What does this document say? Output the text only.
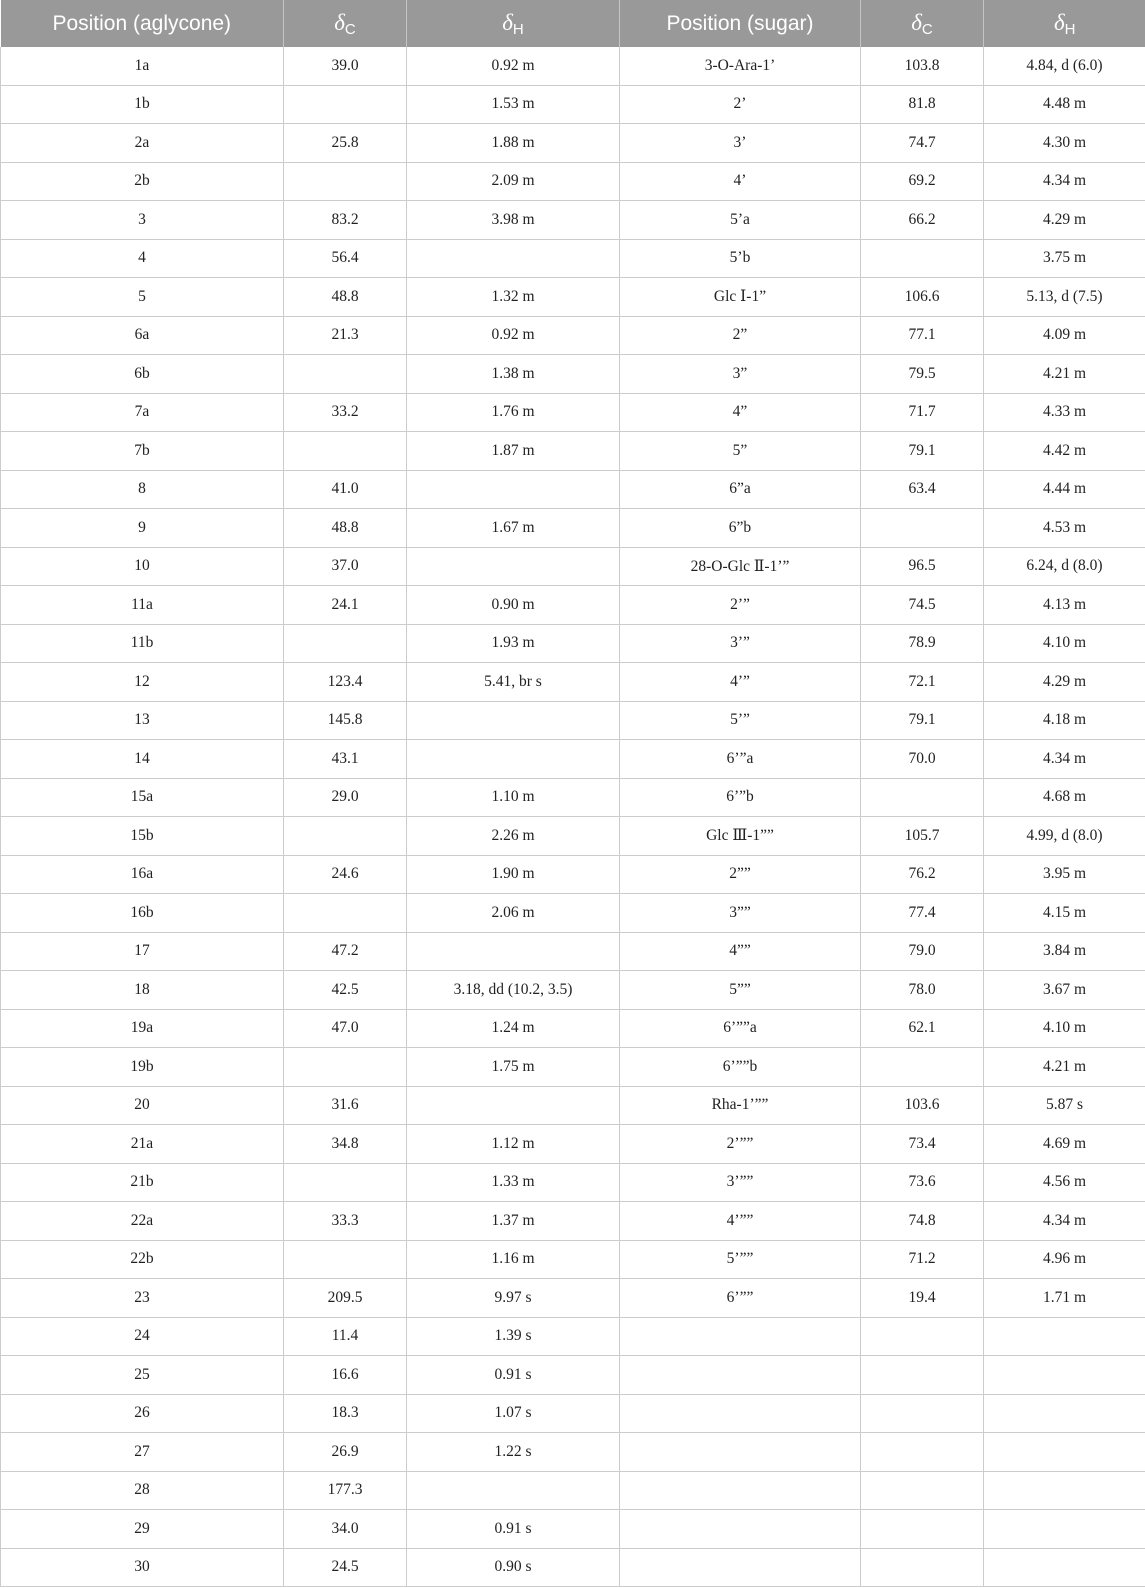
Position (aglycone)	$\delta_C$	$\delta_H$	Position (sugar)	$\delta_C$	$\delta_H$
1a	39.0	0.92 m	3-O-Ara-1’	103.8	4.84, d (6.0)
1b		1.53 m	2’	81.8	4.48 m
2a	25.8	1.88 m	3’	74.7	4.30 m
2b		2.09 m	4’	69.2	4.34 m
3	83.2	3.98 m	5’a	66.2	4.29 m
4	56.4		5’b		3.75 m
5	48.8	1.32 m	Glc Ⅰ-1”	106.6	5.13, d (7.5)
6a	21.3	0.92 m	2”	77.1	4.09 m
6b		1.38 m	3”	79.5	4.21 m
7a	33.2	1.76 m	4”	71.7	4.33 m
7b		1.87 m	5”	79.1	4.42 m
8	41.0		6”a	63.4	4.44 m
9	48.8	1.67 m	6”b		4.53 m
10	37.0		28-O-Glc Ⅱ-1’”	96.5	6.24, d (8.0)
11a	24.1	0.90 m	2’”	74.5	4.13 m
11b		1.93 m	3’”	78.9	4.10 m
12	123.4	5.41, br s	4’”	72.1	4.29 m
13	145.8		5’”	79.1	4.18 m
14	43.1		6’”a	70.0	4.34 m
15a	29.0	1.10 m	6’”b		4.68 m
15b		2.26 m	Glc Ⅲ-1””	105.7	4.99, d (8.0)
16a	24.6	1.90 m	2””	76.2	3.95 m
16b		2.06 m	3””	77.4	4.15 m
17	47.2		4””	79.0	3.84 m
18	42.5	3.18, dd (10.2, 3.5)	5””	78.0	3.67 m
19a	47.0	1.24 m	6’””a	62.1	4.10 m
19b		1.75 m	6’””b		4.21 m
20	31.6		Rha-1’””	103.6	5.87 s
21a	34.8	1.12 m	2’””	73.4	4.69 m
21b		1.33 m	3’””	73.6	4.56 m
22a	33.3	1.37 m	4’””	74.8	4.34 m
22b		1.16 m	5’””	71.2	4.96 m
23	209.5	9.97 s	6’””	19.4	1.71 m
24	11.4	1.39 s			
25	16.6	0.91 s			
26	18.3	1.07 s			
27	26.9	1.22 s			
28	177.3				
29	34.0	0.91 s			
30	24.5	0.90 s			
